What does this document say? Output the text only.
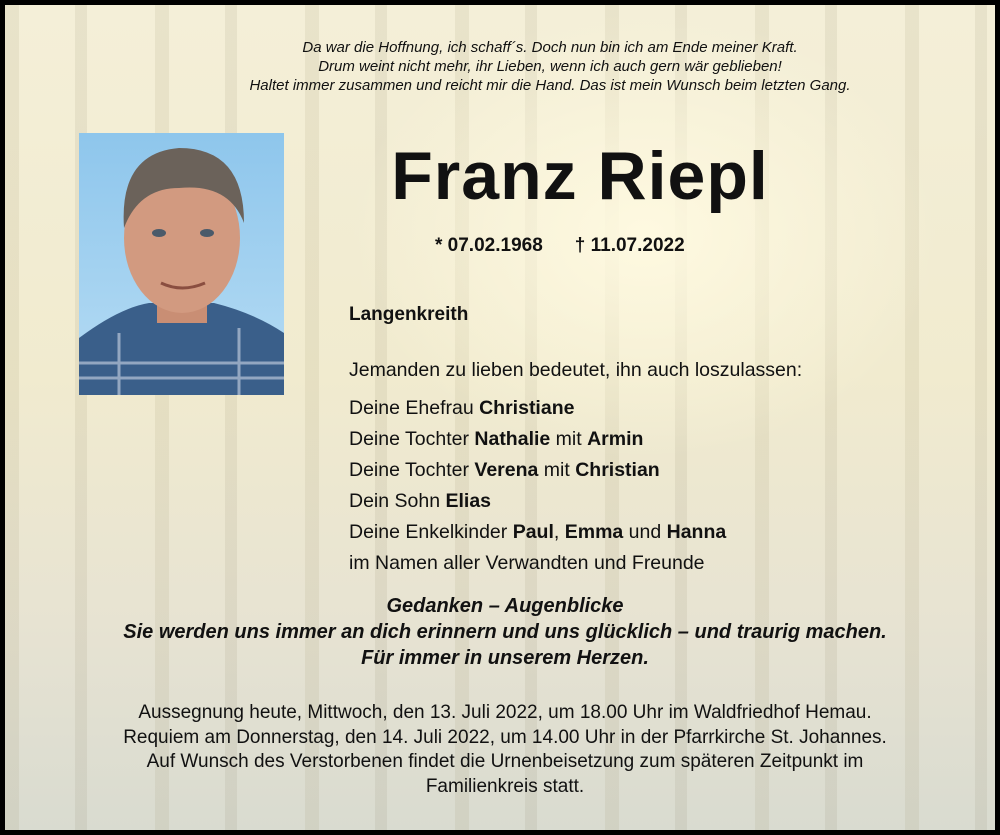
Da war die Hoffnung, ich schaff´s. Doch nun bin ich am Ende meiner Kraft.
Drum weint nicht mehr, ihr Lieben, wenn ich auch gern wär geblieben!
Haltet immer zusammen und reicht mir die Hand. Das ist mein Wunsch beim letzten Gang.
Franz Riepl
* 07.02.1968 † 11.07.2022
Langenkreith
Jemanden zu lieben bedeutet, ihn auch loszulassen:
Deine Ehefrau Christiane
Deine Tochter Nathalie mit Armin
Deine Tochter Verena mit Christian
Dein Sohn Elias
Deine Enkelkinder Paul, Emma und Hanna
im Namen aller Verwandten und Freunde
Gedanken – Augenblicke
Sie werden uns immer an dich erinnern und uns glücklich – und traurig machen.
Für immer in unserem Herzen.
Aussegnung heute, Mittwoch, den 13. Juli 2022, um 18.00 Uhr im Waldfriedhof Hemau.
Requiem am Donnerstag, den 14. Juli 2022, um 14.00 Uhr in der Pfarrkirche St. Johannes.
Auf Wunsch des Verstorbenen findet die Urnenbeisetzung zum späteren Zeitpunkt im
Familienkreis statt.
